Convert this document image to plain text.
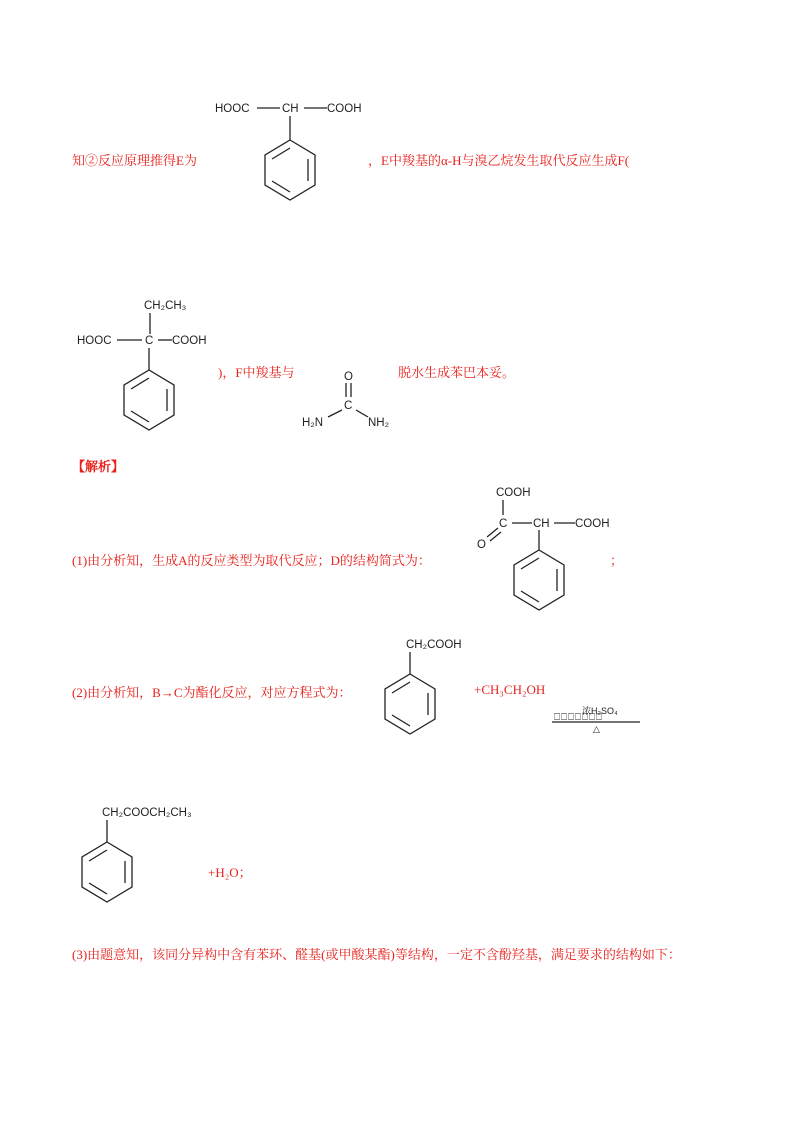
知②反应原理推得E为
HOOC	CH COOH
，E中羧基的α-H与溴乙烷发生取代反应生成F(
CH₂CH₃
HOOC	C COOH
)，F中羧基与	O
C
H₂N	NH₂
脱水生成苯巴本妥。
【解析】
(1)由分析知，生成A的反应类型为取代反应；D的结构简式为：
COOH
C CH COOH
O
；
(2)由分析知，B→C为酯化反应，对应方程式为：
CH₂COOH
+CH₃CH₂OH
浓H₂SO₄
⎕⎕⎕⎕⎕⎕⎕
△
CH₂COOCH₂CH₃
+H₂O；
(3)由题意知，该同分异构中含有苯环、醛基(或甲酸某酯)等结构，一定不含酚羟基，满足要求的结构如下：
